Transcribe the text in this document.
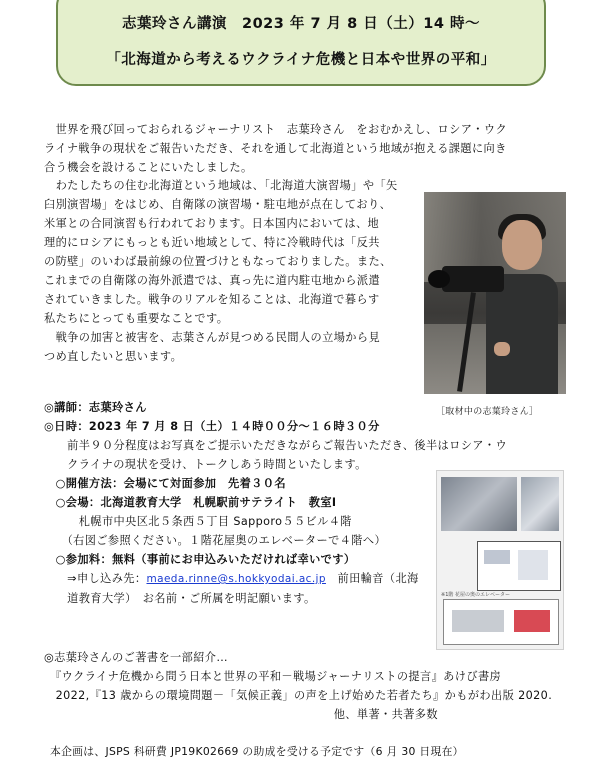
志葉玲さん講演　2023 年 7 月 8 日（土）14 時～
「北海道から考えるウクライナ危機と日本や世界の平和」
　世界を飛び回っておられるジャーナリスト　志葉玲さん　をおむかえし、ロシア・ウク
ライナ戦争の現状をご報告いただき、それを通して北海道という地域が抱える課題に向き
合う機会を設けることにいたしました。
　わたしたちの住む北海道という地域は、「北海道大演習場」や「矢
臼別演習場」をはじめ、自衛隊の演習場・駐屯地が点在しており、
米軍との合同演習も行われております。日本国内においては、地
理的にロシアにもっとも近い地域として、特に冷戦時代は「反共
の防壁」のいわば最前線の位置づけともなっておりました。また、
これまでの自衛隊の海外派遣では、真っ先に道内駐屯地から派遣
されていきました。戦争のリアルを知ることは、北海道で暮らす
私たちにとっても重要なことです。
　戦争の加害と被害を、志葉さんが見つめる民間人の立場から見
つめ直したいと思います。
［取材中の志葉玲さん］
◎講師：志葉玲さん
◎日時：2023 年 7 月 8 日（土）１４時００分～１６時３０分
　　前半９０分程度はお写真をご提示いただきながらご報告いただき、後半はロシア・ウ
　　クライナの現状を受け、トークしあう時間といたします。
　○開催方法：会場にて対面参加　先着３０名
　○会場：北海道教育大学　札幌駅前サテライト　教室Ⅰ
　　　札幌市中央区北５条西５丁目 Sapporo５５ビル４階
　　（右図ご参照ください。１階花屋奥のエレベーターで４階へ）
　○参加料：無料（事前にお申込みいただければ幸いです）
　　⇒申し込み先：maeda.rinne@s.hokkyodai.ac.jp　前田輪音（北海
　　道教育大学）　お名前・ご所属を明記願います。	※1階 花屋の奥のエレベーター
◎志葉玲さんのご著書を一部紹介…
　『ウクライナ危機から問う日本と世界の平和－戦場ジャーナリストの提言』あけび書房
　2022,『13 歳からの環境問題－「気候正義」の声を上げ始めた若者たち』かもがわ出版 2020.
　　　　　　　　　　　　　　　　　　　　　　　　　他、単著・共著多数
本企画は、JSPS 科研費 JP19K02669 の助成を受ける予定です（6 月 30 日現在）
